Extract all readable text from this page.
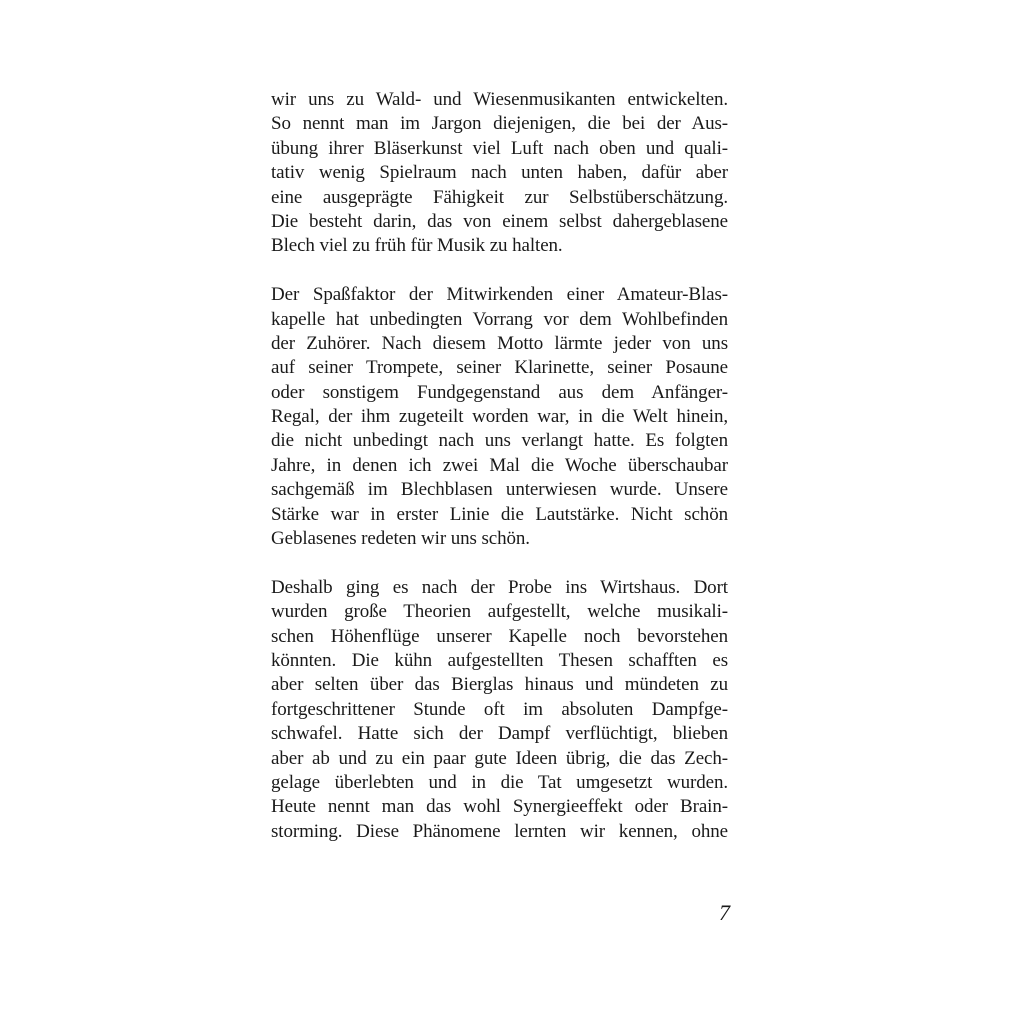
wir uns zu Wald- und Wiesenmusikanten entwickelten.
So nennt man im Jargon diejenigen, die bei der Aus-
übung ihrer Bläserkunst viel Luft nach oben und quali-
tativ wenig Spielraum nach unten haben, dafür aber
eine ausgeprägte Fähigkeit zur Selbstüberschätzung.
Die besteht darin, das von einem selbst dahergeblasene
Blech viel zu früh für Musik zu halten.

Der Spaßfaktor der Mitwirkenden einer Amateur-Blas-
kapelle hat unbedingten Vorrang vor dem Wohlbefinden
der Zuhörer. Nach diesem Motto lärmte jeder von uns
auf seiner Trompete, seiner Klarinette, seiner Posaune
oder sonstigem Fundgegenstand aus dem Anfänger-
Regal, der ihm zugeteilt worden war, in die Welt hinein,
die nicht unbedingt nach uns verlangt hatte. Es folgten
Jahre, in denen ich zwei Mal die Woche überschaubar
sachgemäß im Blechblasen unterwiesen wurde. Unsere
Stärke war in erster Linie die Lautstärke. Nicht schön
Geblasenes redeten wir uns schön.

Deshalb ging es nach der Probe ins Wirtshaus. Dort
wurden große Theorien aufgestellt, welche musikali-
schen Höhenflüge unserer Kapelle noch bevorstehen
könnten. Die kühn aufgestellten Thesen schafften es
aber selten über das Bierglas hinaus und mündeten zu
fortgeschrittener Stunde oft im absoluten Dampfge-
schwafel. Hatte sich der Dampf verflüchtigt, blieben
aber ab und zu ein paar gute Ideen übrig, die das Zech-
gelage überlebten und in die Tat umgesetzt wurden.
Heute nennt man das wohl Synergieeffekt oder Brain-
storming. Diese Phänomene lernten wir kennen, ohne

7
